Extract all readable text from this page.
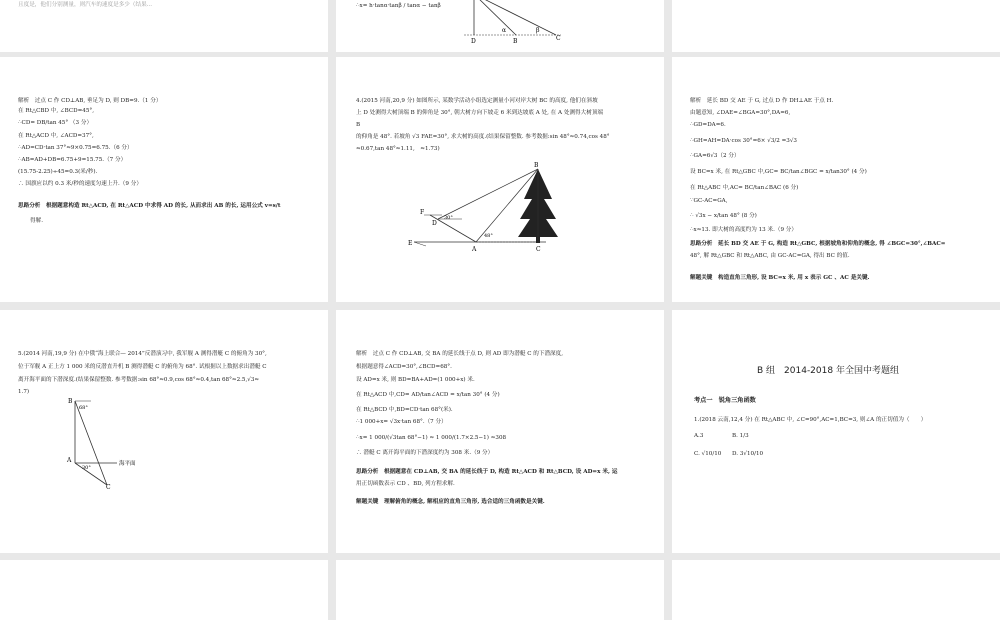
且度是，他们分别测量，则汽车的速度是多少（结果...	∴x= h·tanα·tanβ / tanα − tanβ
D	B	C
α	β
解析　过点 C 作 CD⊥AB, 垂足为 D, 则 DB=9.（1 分）
在 Rt△CBD 中, ∠BCD=45°,
∴CD= DB/tan 45° （3 分）
在 Rt△ACD 中, ∠ACD=37°,
∴AD=CD·tan 37°≈9×0.75=6.75.（6 分）
∴AB=AD+DB=6.75+9=15.75.（7 分）
(15.75-2.25)÷45=0.3(米/秒).
∴ 国旗应以约 0.3 米/秒的速度匀速上升.（9 分）
思路分析　根据题意构造 Rt△ACD, 在 Rt△ACD 中求得 AD 的长, 从而求出 AB 的长, 运用公式 v=s/t
得解.
4.(2015 河南,20,9 分) 如图所示, 某数学活动小组选定测量小河对岸大树 BC 的高度, 他们在斜坡
上 D 处测得大树顶端 B 的仰角是 30°, 朝大树方向下坡走 6 米到达坡底 A 处, 在 A 处测得大树顶端
B
的仰角是 48°. 若坡角 √3 FAE=30°, 求大树的高度.(结果保留整数. 参考数据:sin 48°≈0.74,cos 48°
≈0.67,tan 48°≈1.11,　≈1.73)
B
F
D
E
A	C
30°
48°
解析　延长 BD 交 AE 于 G, 过点 D 作 DH⊥AE 于点 H.
由题意知, ∠DAE=∠BGA=30°,DA=6,
∴GD=DA=6.
∴GH=AH=DA·cos 30°=6× √3/2 =3√3
∴GA=6√3（2 分）
设 BC=x 米, 在 Rt△GBC 中,GC= BC/tan∠BGC = x/tan30° (4 分)
在 Rt△ABC 中,AC= BC/tan∠BAC (6 分)
∵GC-AC=GA,
∴ √3x − x/tan 48° (8 分)
∴x≈13. 即大树的高度约为 13 米.（9 分）
思路分析　延长 BD 交 AE 于 G, 构造 Rt△GBC, 根据坡角和仰角的概念, 得 ∠BGC=30°,∠BAC=
48°, 解 Rt△GBC 和 Rt△ABC, 由 GC-AC=GA, 得出 BC 的值.
解题关键　构造直角三角形, 设 BC=x 米, 用 x 表示 GC 、AC 是关键.
5.(2014 河南,19,9 分) 在中俄“海上联合— 2014”反潜演习中, 我军舰 A 测得潜艇 C 的俯角为 30°,
位于军舰 A 正上方 1 000 米的反潜直升机 B 测得潜艇 C 的俯角为 68°. 试根据以上数据求出潜艇 C
离开海平面的下潜深度.(结果保留整数. 参考数据:sin 68°≈0.9,cos 68°≈0.4,tan 68°≈2.5,√3≈
1.7)
B
A
C
68°
30°
海平面
解析　过点 C 作 CD⊥AB, 交 BA 的延长线于点 D, 则 AD 即为潜艇 C 的下潜深度,
根据题意得∠ACD=30°,∠BCD=68°.
设 AD=x 米, 则 BD=BA+AD=(1 000+x) 米.
在 Rt△ACD 中,CD= AD/tan∠ACD = x/tan 30° (4 分)
在 Rt△BCD 中,BD=CD·tan 68°(米).
∴1 000+x= √3x·tan 68°.（7 分）
∴x= 1 000/(√3tan 68°−1) ≈ 1 000/(1.7×2.5−1) ≈308
∴ 潜艇 C 离开海平面的下潜深度约为 308 米.（9 分）
思路分析　根据题意在 CD⊥AB, 交 BA 的延长线于 D, 构造 Rt△ACD 和 Rt△BCD, 设 AD=x 米, 运
用正切函数表示 CD 、BD, 列方程求解.
解题关键　理解俯角的概念, 解相应的直角三角形, 选合适的三角函数是关键.
B 组　2014-2018 年全国中考题组
考点一　锐角三角函数
1.(2018 云南,12,4 分) 在 Rt△ABC 中, ∠C=90°,AC=1,BC=3, 则∠A 的正切值为（　　）
A.3	B. 1/3
C. √10/10 D. 3√10/10
